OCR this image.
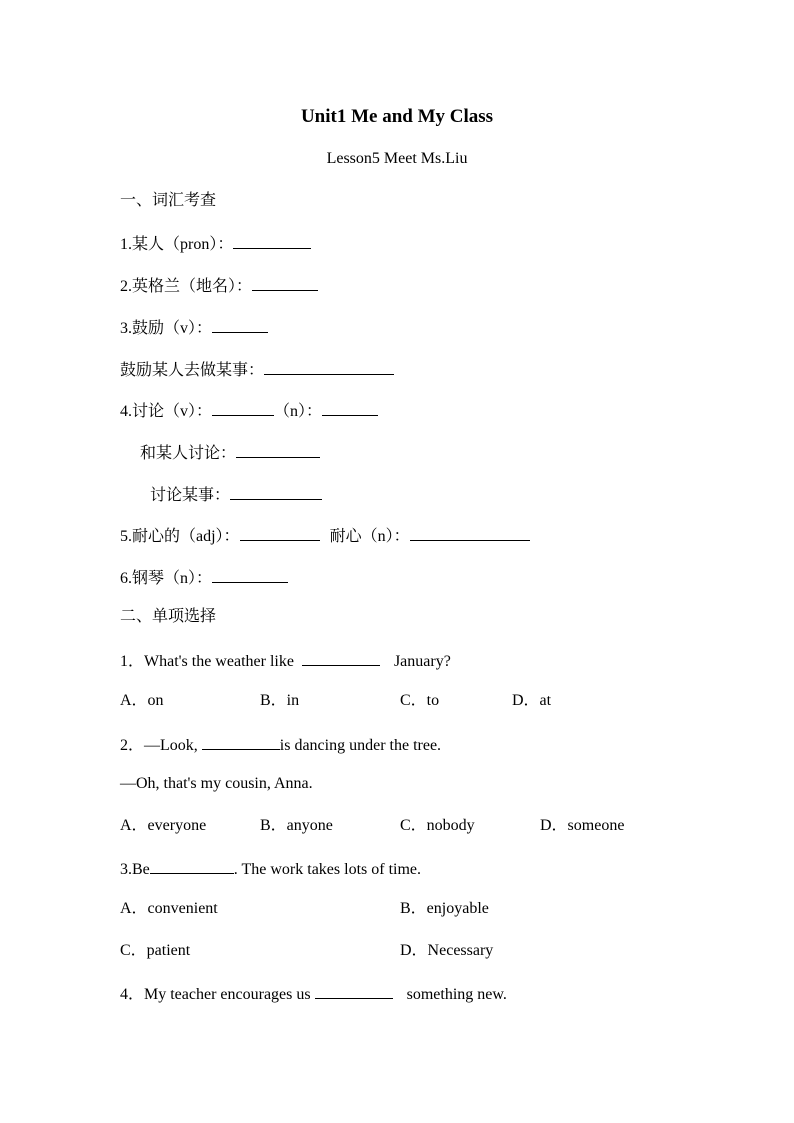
Unit1 Me and My Class
Lesson5 Meet Ms.Liu
一、词汇考查
1.某人（pron）：
2.英格兰（地名）：
3.鼓励（v）：
鼓励某人去做某事：
4.讨论（v）：	（n）：
和某人讨论：
讨论某事：
5.耐心的（adj）：	耐心（n）：
6.钢琴（n）：
二、单项选择
1．What's the weather like	January?
A．on	B．in	C．to	D．at
2．—Look,	is dancing under the tree.
—Oh, that's my cousin, Anna.
A．everyone	B．anyone	C．nobody	D．someone
3.Be	. The work takes lots of time.
A．convenient	B．enjoyable
C．patient	D．Necessary
4．My teacher encourages us	something new.
